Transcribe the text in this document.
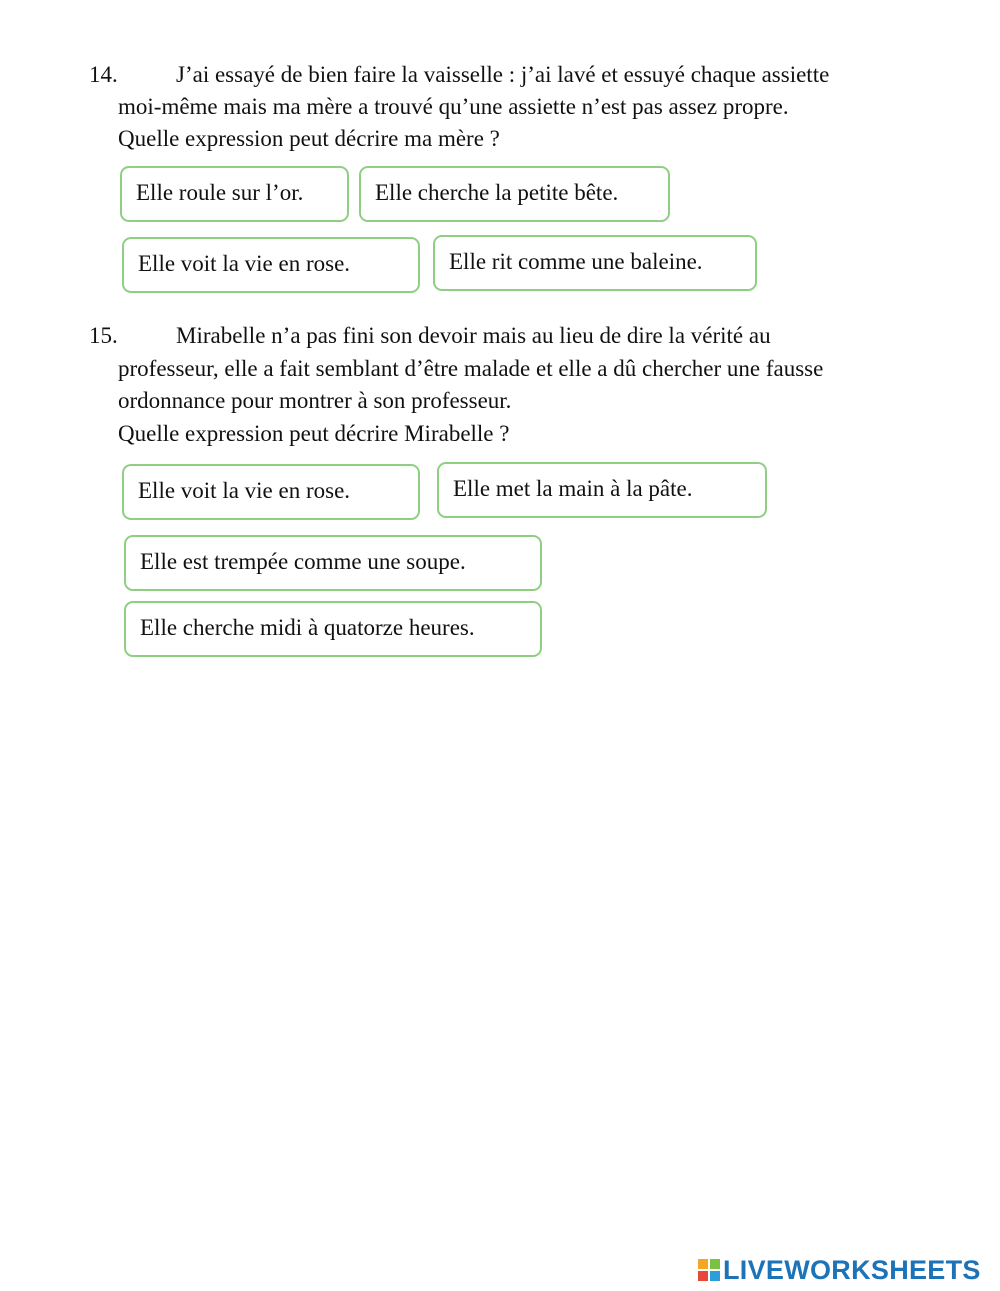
14.	J’ai essayé de bien faire la vaisselle : j’ai lavé et essuyé chaque assiette
moi-même mais ma mère a trouvé qu’une assiette n’est pas assez propre.
Quelle expression peut décrire ma mère ?
Elle roule sur l’or.	Elle cherche la petite bête.
Elle voit la vie en rose.	Elle rit comme une baleine.
15.	Mirabelle n’a pas fini son devoir mais au lieu de dire la vérité au
professeur, elle a fait semblant d’être malade et elle a dû chercher une fausse
ordonnance pour montrer à son professeur.
Quelle expression peut décrire Mirabelle ?
Elle voit la vie en rose.	Elle met la main à la pâte.
Elle est trempée comme une soupe.
Elle cherche midi à quatorze heures.
LIVEWORKSHEETS
